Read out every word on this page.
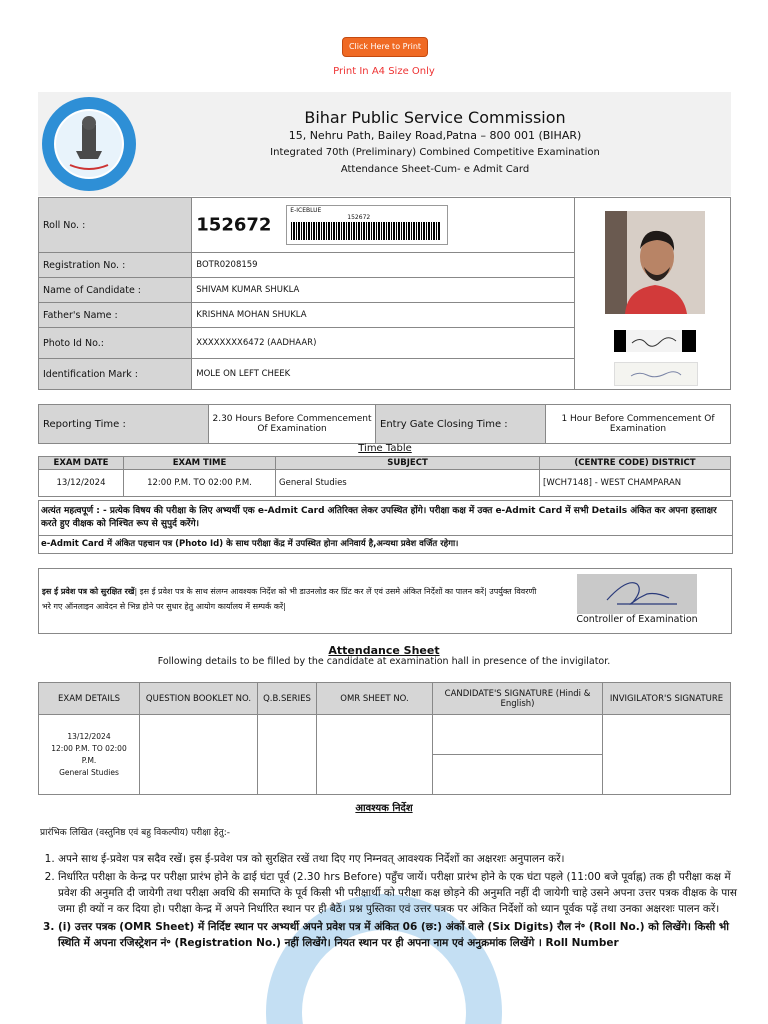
Click Here to Print
Print In A4 Size Only
Bihar Public Service Commission
15, Nehru Path, Bailey Road,Patna – 800 001 (BIHAR)
Integrated 70th (Preliminary) Combined Competitive Examination
Attendance Sheet-Cum- e Admit Card
Roll No. :	152672
E-ICEBLUE
152672	

Registration No. :	BOTR0208159	
Name of Candidate :	SHIVAM KUMAR SHUKLA	
Father's Name :	KRISHNA MOHAN SHUKLA	
Photo Id No.:	XXXXXXXX6472 (AADHAAR)	
Identification Mark :	MOLE ON LEFT CHEEK	
Reporting Time :	2.30 Hours Before Commencement Of Examination	Entry Gate Closing Time :	1 Hour Before Commencement Of Examination
Time Table
EXAM DATE	EXAM TIME	SUBJECT	(CENTRE CODE) DISTRICT
13/12/2024	12:00 P.M. TO 02:00 P.M.	General Studies	[WCH7148] - WEST CHAMPARAN
अत्यंत महत्वपूर्ण : - प्रत्येक विषय की परीक्षा के लिए अभ्यर्थी एक e-Admit Card अतिरिक्त लेकर उपस्थित होंगे। परीक्षा कक्ष में उक्त e-Admit Card में सभी Details अंकित कर अपना हस्ताक्षर करते हुए वीक्षक को निश्चित रूप से सुपुर्द करेंगे।
e-Admit Card में अंकित पहचान पत्र (Photo Id) के साथ परीक्षा केंद्र में उपस्थित होना अनिवार्य है,अन्यथा प्रवेश वर्जित रहेगा।
इस ई प्रवेश पत्र को सुरक्षित रखें| इस ई प्रवेश पत्र के साथ संलग्न आवश्यक निर्देश को भी डाउनलोड कर प्रिंट कर लें एवं उसमे अंकित निर्देशों का पालन करें| उपर्युक्त विवरणी भरे गए ऑनलाइन आवेदन से भिन्न होने पर सुधार हेतु आयोग कार्यालय में सम्पर्क करें|
Controller of Examination
Attendance Sheet
Following details to be filled by the candidate at examination hall in presence of the invigilator.
EXAM DETAILS	QUESTION BOOKLET NO.	Q.B.SERIES	OMR SHEET NO.	CANDIDATE'S SIGNATURE (Hindi & English)	INVIGILATOR'S SIGNATURE

13/12/2024
12:00 P.M. TO 02:00
P.M.
General Studies					

आवश्यक निर्देश
प्रारंभिक लिखित (वस्तुनिष्ठ एवं बहु विकल्पीय) परीक्षा हेतु:-
1. अपने साथ ई-प्रवेश पत्र सदैव रखें। इस ई-प्रवेश पत्र को सुरक्षित रखें तथा दिए गए निम्नवत् आवश्यक निर्देशों का अक्षरशः अनुपालन करें।
2. निर्धारित परीक्षा के केन्द्र पर परीक्षा प्रारंभ होने के ढाई घंटा पूर्व (2.30 hrs Before) पहुँच जायें। परीक्षा प्रारंभ होने के एक घंटा पहले (11:00 बजे पूर्वाह्न) तक ही परीक्षा कक्ष में प्रवेश की अनुमति दी जायेगी तथा परीक्षा अवधि की समाप्ति के पूर्व किसी भी परीक्षार्थी को परीक्षा कक्ष छोड़ने की अनुमति नहीं दी जायेगी चाहे उसने अपना उत्तर पत्रक वीक्षक के पास जमा ही क्यों न कर दिया हो। परीक्षा केन्द्र में अपने निर्धारित स्थान पर ही बैठें। प्रश्न पुस्तिका एवं उत्तर पत्रक पर अंकित निर्देशों को ध्यान पूर्वक पढ़ें तथा उनका अक्षरशः पालन करें।
3. (i) उत्तर पत्रक (OMR Sheet) में निर्दिष्ट स्थान पर अभ्यर्थी अपने प्रवेश पत्र में अंकित 06 (छ:) अंकों वाले (Six Digits) रौल नं॰ (Roll No.) को लिखेंगे। किसी भी स्थिति में अपना रजिस्ट्रेशन नं॰ (Registration No.) नहीं लिखेंगे। नियत स्थान पर ही अपना नाम एवं अनुक्रमांक लिखेंगे । Roll Number
